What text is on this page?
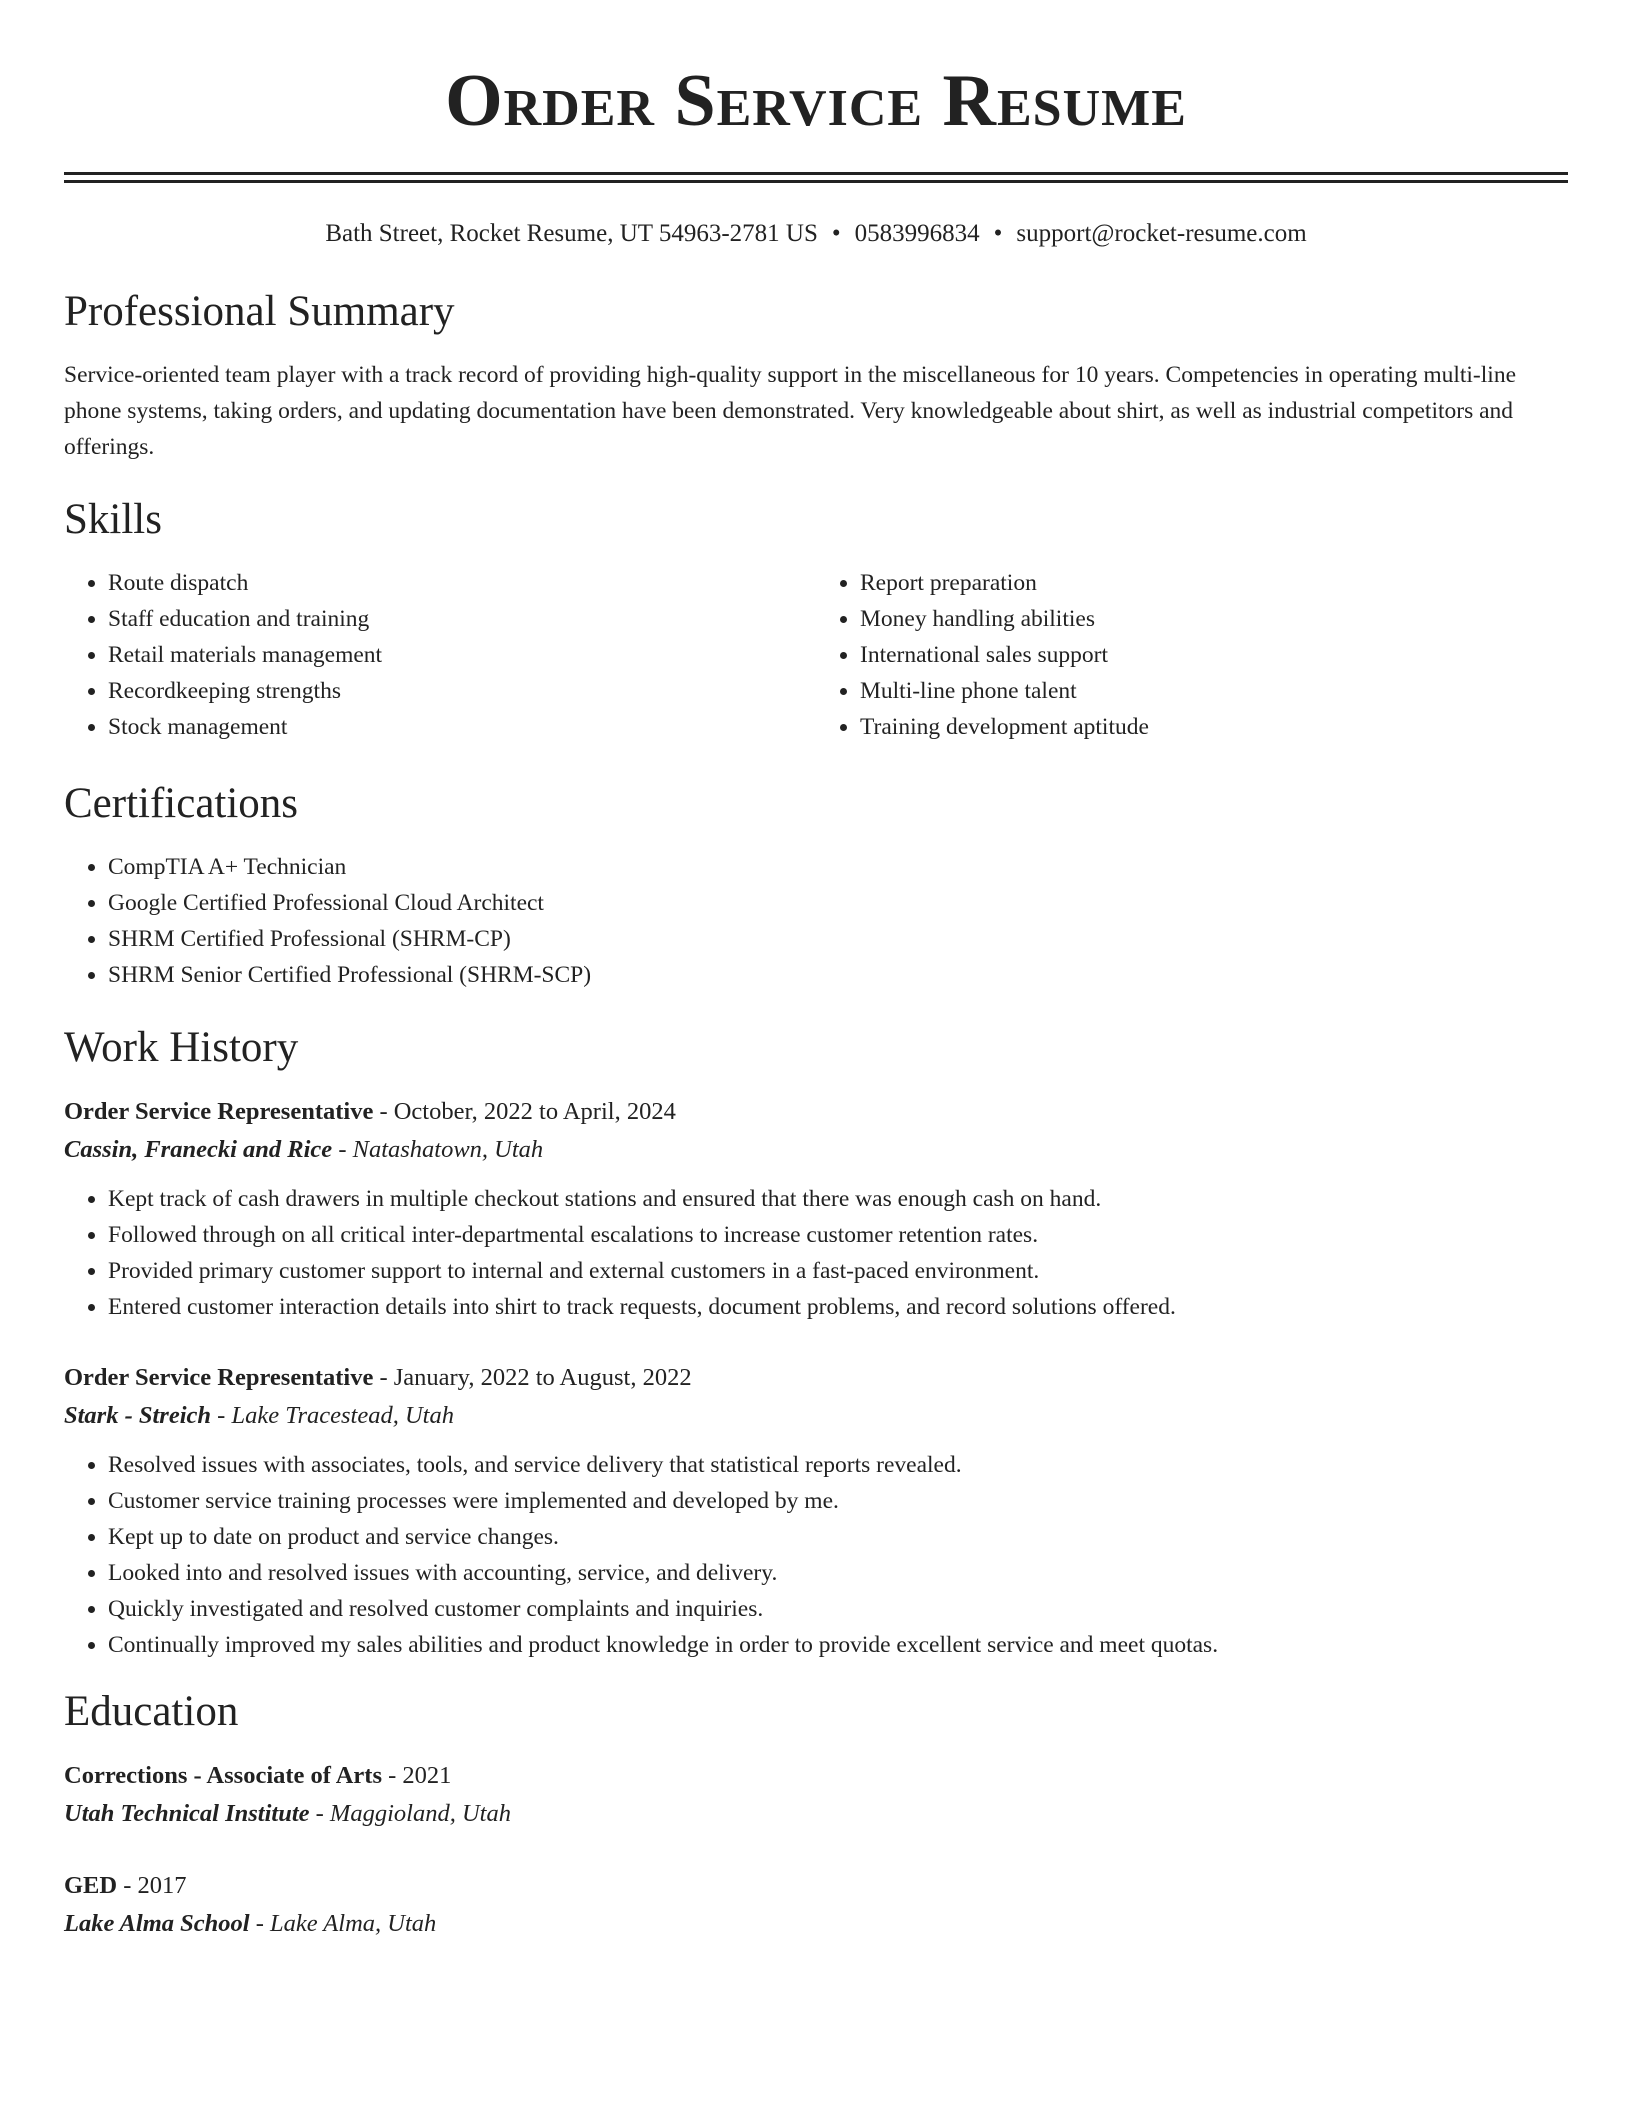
Order Service Resume
Bath Street, Rocket Resume, UT 54963-2781 US • 0583996834 • support@rocket-resume.com
Professional Summary

Service-oriented team player with a track record of providing high-quality support in the miscellaneous for 10 years. Competencies in operating multi-line phone systems, taking orders, and updating documentation have been demonstrated. Very knowledgeable about shirt, as well as industrial competitors and offerings.

Skills
• Route dispatch
• Staff education and training
• Retail materials management
• Recordkeeping strengths
• Stock management
• Report preparation
• Money handling abilities
• International sales support
• Multi-line phone talent
• Training development aptitude
Certifications
• CompTIA A+ Technician
• Google Certified Professional Cloud Architect
• SHRM Certified Professional (SHRM-CP)
• SHRM Senior Certified Professional (SHRM-SCP)
Work History
Order Service Representative - October, 2022 to April, 2024
Cassin, Franecki and Rice - Natashatown, Utah
• Kept track of cash drawers in multiple checkout stations and ensured that there was enough cash on hand.
• Followed through on all critical inter-departmental escalations to increase customer retention rates.
• Provided primary customer support to internal and external customers in a fast-paced environment.
• Entered customer interaction details into shirt to track requests, document problems, and record solutions offered.
Order Service Representative - January, 2022 to August, 2022
Stark - Streich - Lake Tracestead, Utah
• Resolved issues with associates, tools, and service delivery that statistical reports revealed.
• Customer service training processes were implemented and developed by me.
• Kept up to date on product and service changes.
• Looked into and resolved issues with accounting, service, and delivery.
• Quickly investigated and resolved customer complaints and inquiries.
• Continually improved my sales abilities and product knowledge in order to provide excellent service and meet quotas.
Education
Corrections - Associate of Arts - 2021
Utah Technical Institute - Maggioland, Utah
GED - 2017
Lake Alma School - Lake Alma, Utah
